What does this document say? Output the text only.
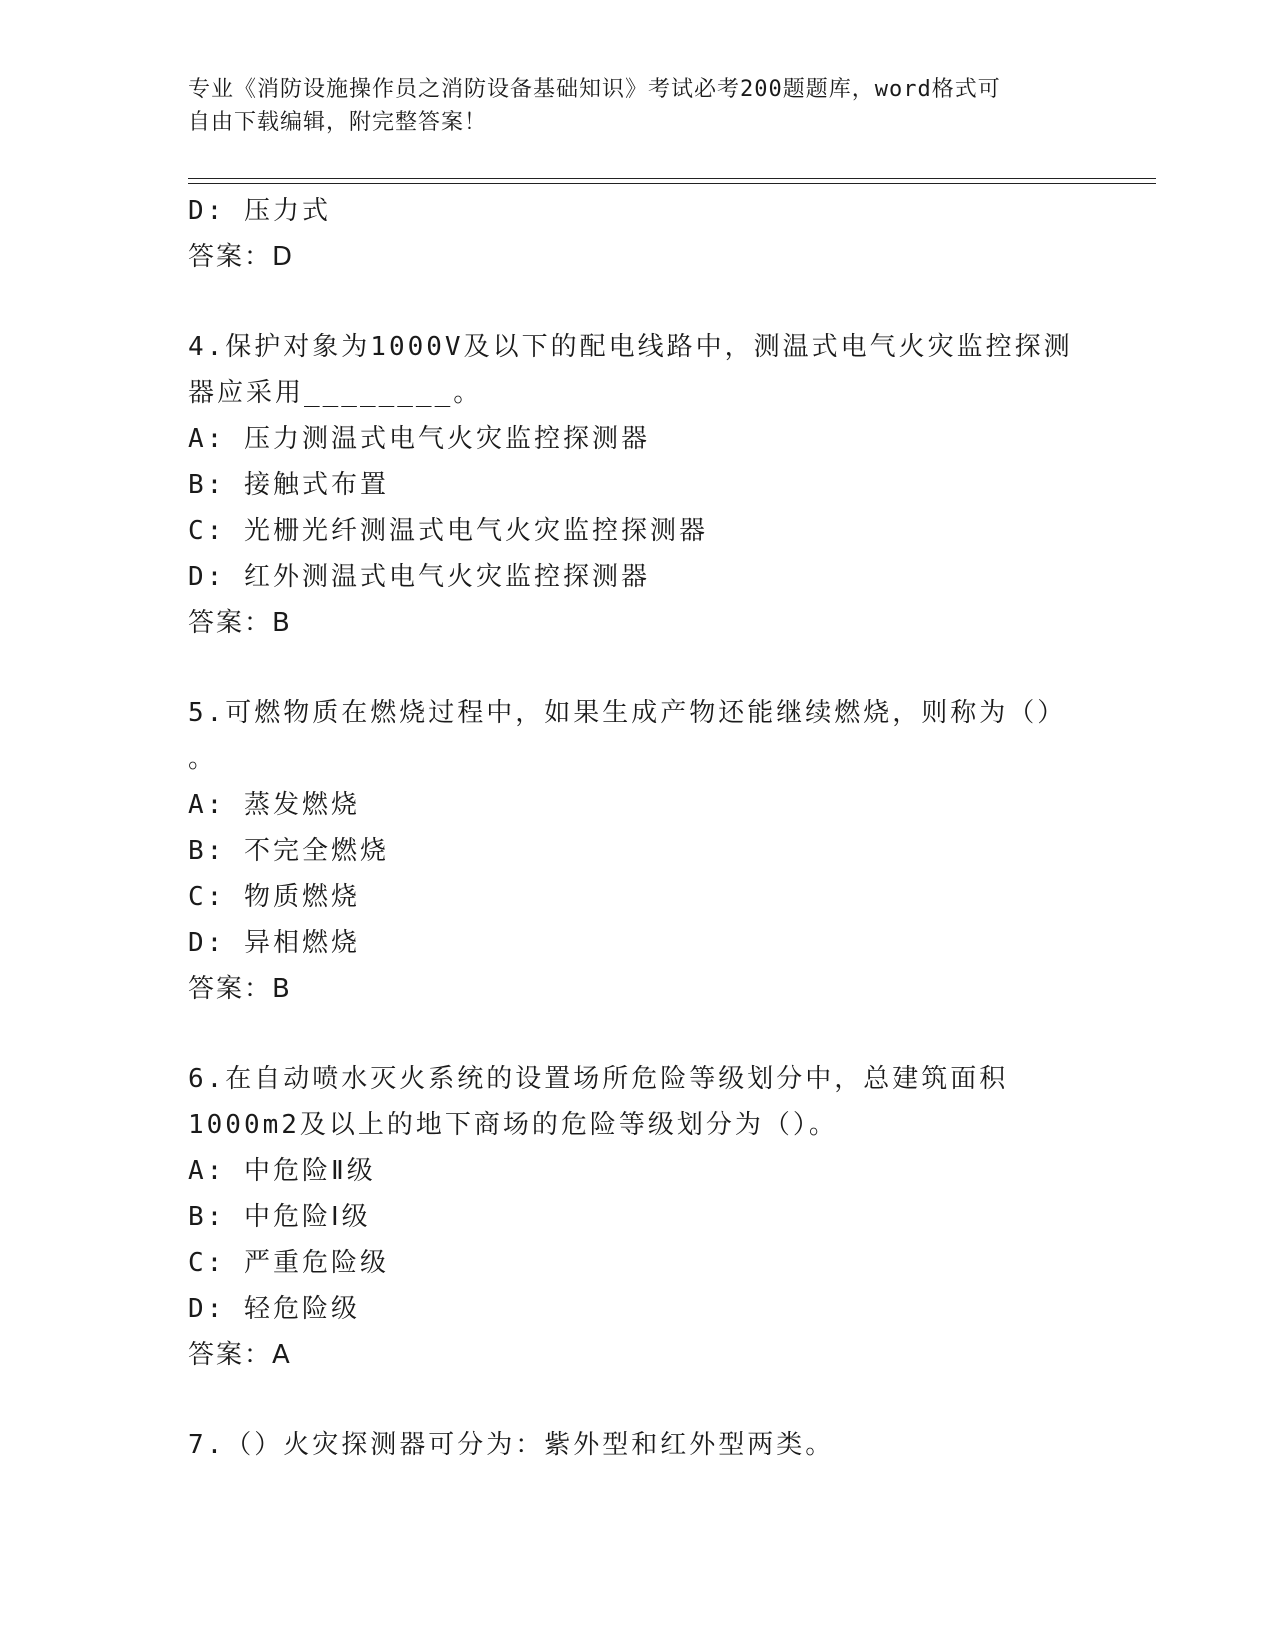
专业《消防设施操作员之消防设备基础知识》考试必考200题题库，word格式可
自由下载编辑，附完整答案！
D: 压力式
答案：D
4.保护对象为1000V及以下的配电线路中，测温式电气火灾监控探测
器应采用________。
A: 压力测温式电气火灾监控探测器
B: 接触式布置
C: 光栅光纤测温式电气火灾监控探测器
D: 红外测温式电气火灾监控探测器
答案：B
5.可燃物质在燃烧过程中，如果生成产物还能继续燃烧，则称为（）
。
A: 蒸发燃烧
B: 不完全燃烧
C: 物质燃烧
D: 异相燃烧
答案：B
6.在自动喷水灭火系统的设置场所危险等级划分中，总建筑面积
1000m2及以上的地下商场的危险等级划分为（）。
A: 中危险Ⅱ级
B: 中危险Ⅰ级
C: 严重危险级
D: 轻危险级
答案：A
7.（）火灾探测器可分为：紫外型和红外型两类。
